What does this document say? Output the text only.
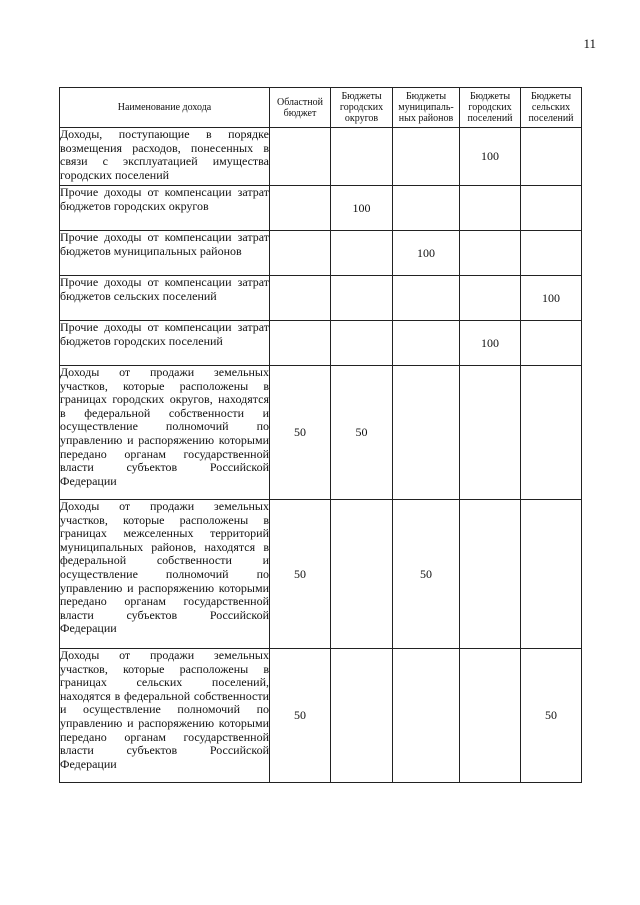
11
Наименование дохода	Областной бюджет	Бюджеты городских округов	Бюджеты муниципаль-ных районов	Бюджеты городских поселений	Бюджеты сельских поселений
Доходы, поступающие в порядке возмещения расходов, понесенных в связи с эксплуатацией имущества городских поселений				100	
Прочие доходы от компенсации затрат бюджетов городских округов		100			
Прочие доходы от компенсации затрат бюджетов муниципальных районов			100		
Прочие доходы от компенсации затрат бюджетов сельских поселений					100
Прочие доходы от компенсации затрат бюджетов городских поселений				100	
Доходы от продажи земельных участков, которые расположены в границах городских округов, находятся в федеральной собственности и осуществление полномочий по управлению и распоряжению которыми передано органам государственной власти субъектов Российской Федерации	50	50			
Доходы от продажи земельных участков, которые расположены в границах межселенных территорий муниципальных районов, находятся в федеральной собственности и осуществление полномочий по управлению и распоряжению которыми передано органам государственной власти субъектов Российской Федерации	50		50		
Доходы от продажи земельных участков, которые расположены в границах сельских поселений, находятся в федеральной собственности и осуществление полномочий по управлению и распоряжению которыми передано органам государственной власти субъектов Российской Федерации	50				50
